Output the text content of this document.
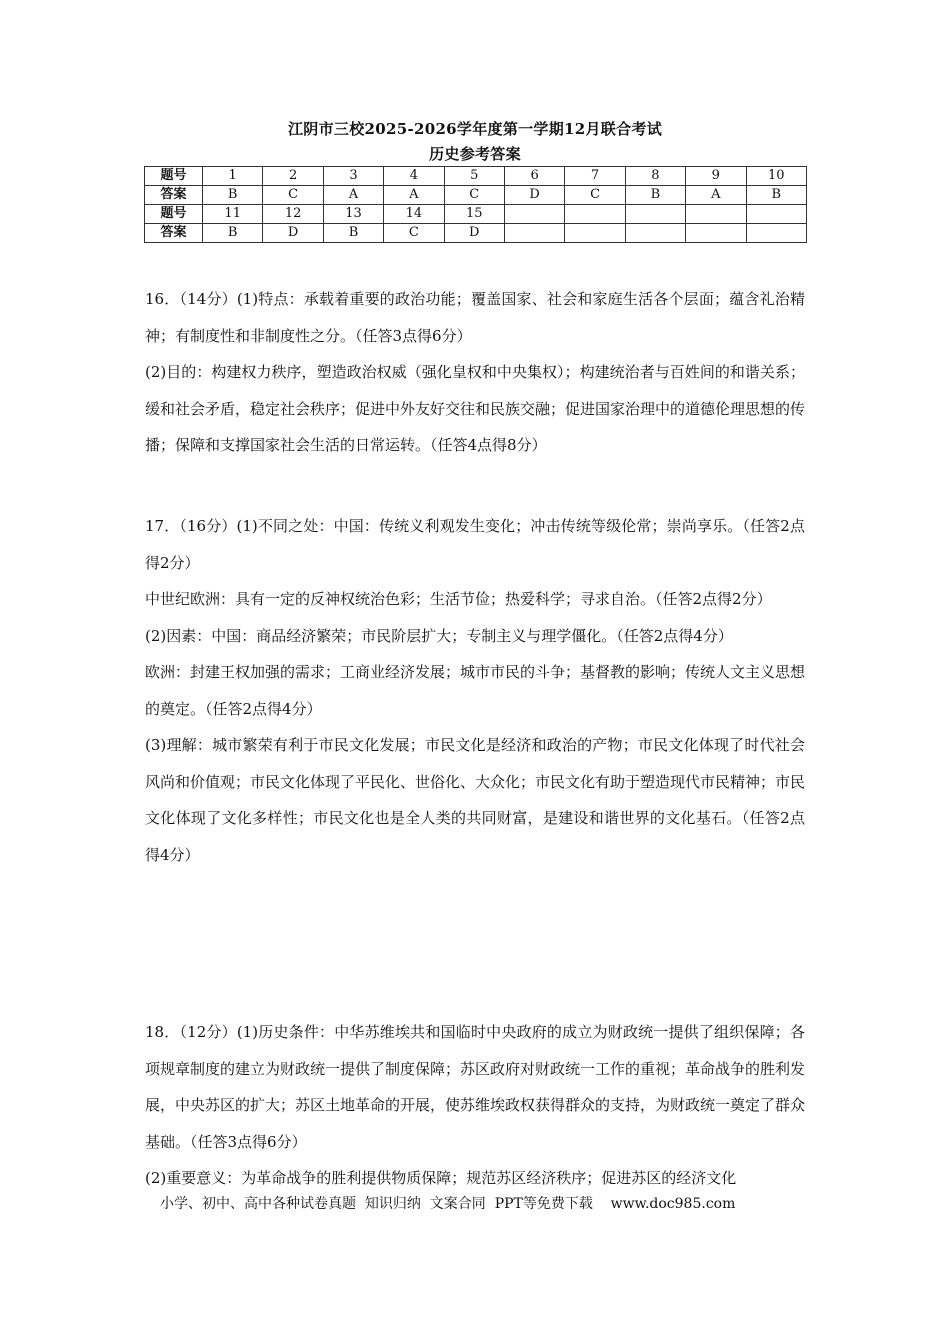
江阴市三校2025-2026学年度第一学期12月联合考试
历史参考答案
题号	1	2	3	4	5	6	7	8	9	10
答案	B	C	A	A	C	D	C	B	A	B
题号	11	12	13	14	15					
答案	B	D	B	C	D					

16．（14分）(1)特点：承载着重要的政治功能；覆盖国家、社会和家庭生活各个层面；蕴含礼治精神；有制度性和非制度性之分。（任答3点得6分）

(2)目的：构建权力秩序，塑造政治权威（强化皇权和中央集权）；构建统治者与百姓间的和谐关系；缓和社会矛盾，稳定社会秩序；促进中外友好交往和民族交融；促进国家治理中的道德伦理思想的传播；保障和支撑国家社会生活的日常运转。（任答4点得8分）

17．（16分）(1)不同之处：中国：传统义利观发生变化；冲击传统等级伦常；崇尚享乐。（任答2点得2分）

中世纪欧洲：具有一定的反神权统治色彩；生活节俭；热爱科学；寻求自治。（任答2点得2分）

(2)因素：中国：商品经济繁荣；市民阶层扩大；专制主义与理学僵化。（任答2点得4分）

欧洲：封建王权加强的需求；工商业经济发展；城市市民的斗争；基督教的影响；传统人文主义思想的奠定。（任答2点得4分）

(3)理解：城市繁荣有利于市民文化发展；市民文化是经济和政治的产物；市民文化体现了时代社会风尚和价值观；市民文化体现了平民化、世俗化、大众化；市民文化有助于塑造现代市民精神；市民文化体现了文化多样性；市民文化也是全人类的共同财富，是建设和谐世界的文化基石。（任答2点得4分）

18．（12分）(1)历史条件：中华苏维埃共和国临时中央政府的成立为财政统一提供了组织保障；各项规章制度的建立为财政统一提供了制度保障；苏区政府对财政统一工作的重视；革命战争的胜利发展，中央苏区的扩大；苏区土地革命的开展，使苏维埃政权获得群众的支持，为财政统一奠定了群众基础。（任答3点得6分）

(2)重要意义：为革命战争的胜利提供物质保障；规范苏区经济秩序；促进苏区的经济文化

小学、初中、高中各种试卷真题  知识归纳  文案合同  PPT等免费下载    www.doc985.com
